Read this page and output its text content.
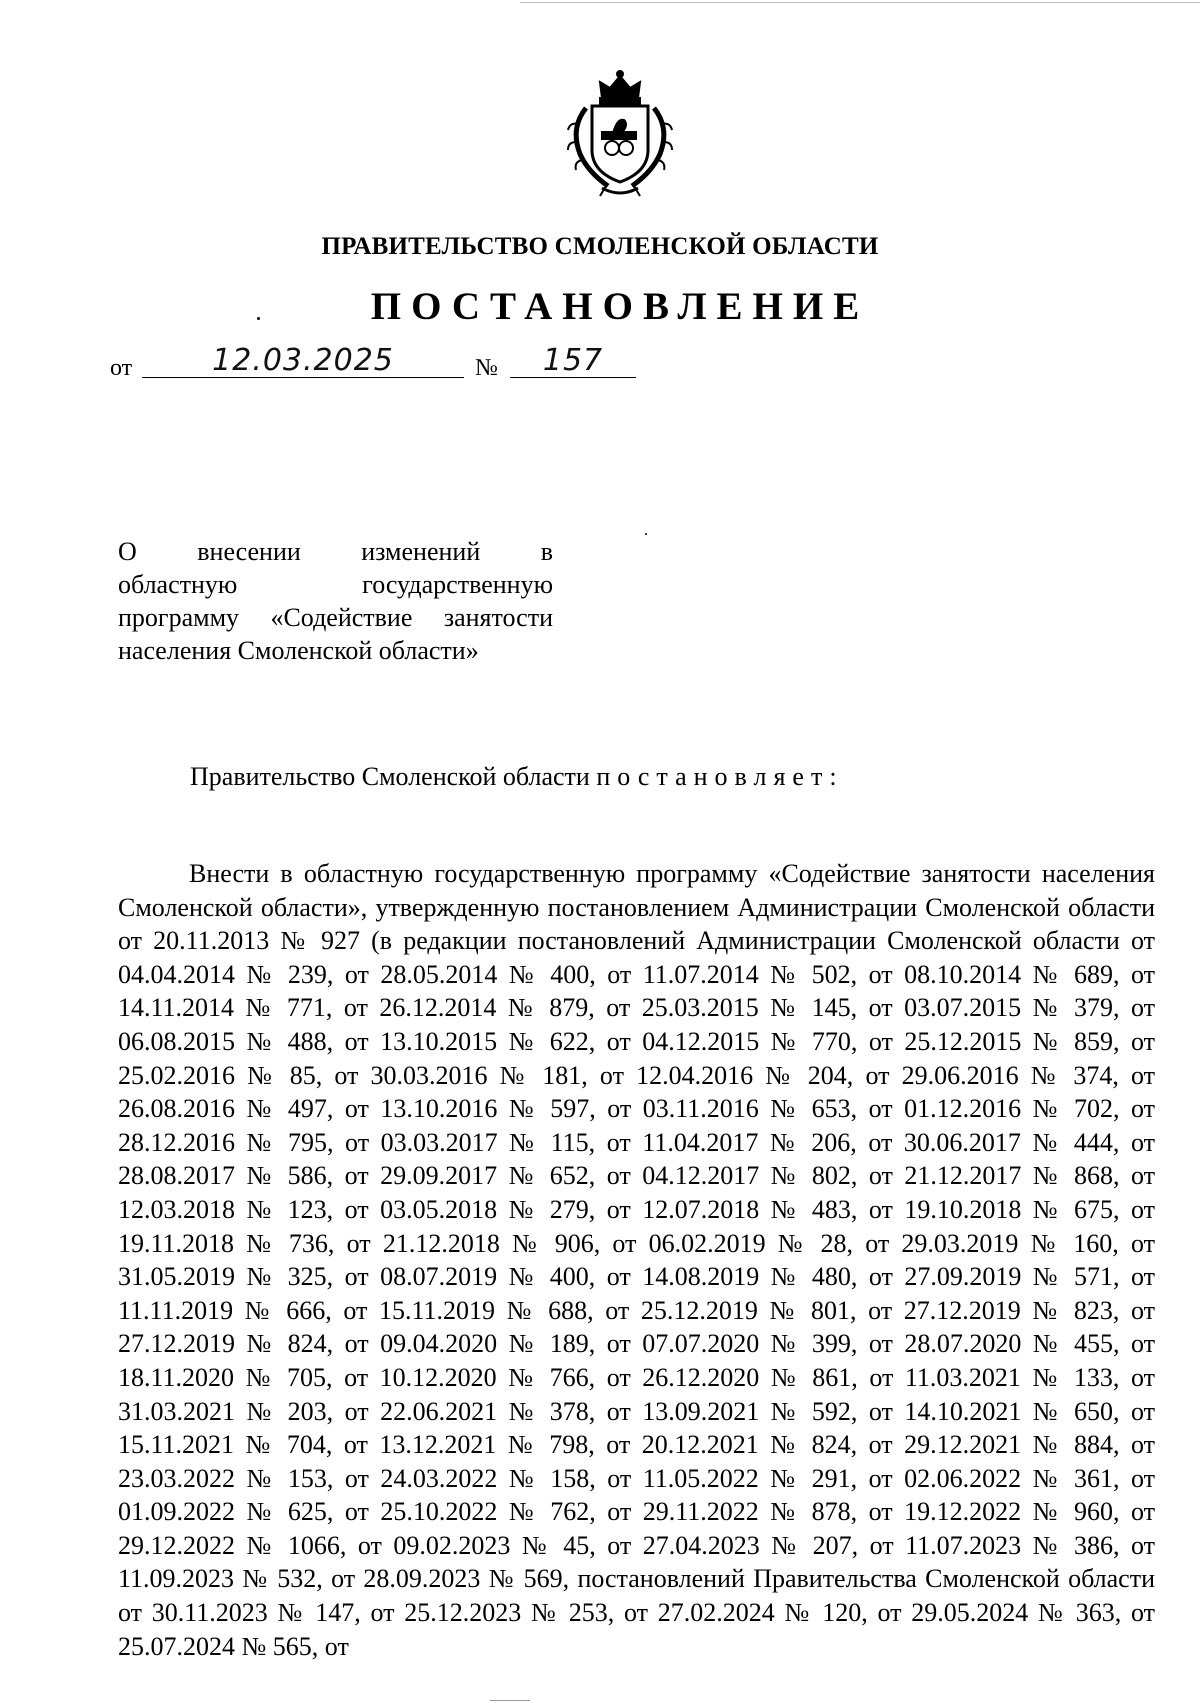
ПРАВИТЕЛЬСТВО СМОЛЕНСКОЙ ОБЛАСТИ
ПОСТАНОВЛЕНИЕ
от	12.03.2025	№	157
О внесении изменений в
областную государственную программу «Содействие занятости населения Смоленской области»
Правительство Смоленской области постановляет:
Внести в областную государственную программу «Содействие занятости населения Смоленской области», утвержденную постановлением Администрации Смоленской области от 20.11.2013 № 927 (в редакции постановлений Администрации Смоленской области от 04.04.2014 № 239, от 28.05.2014 № 400, от 11.07.2014 № 502, от 08.10.2014 № 689, от 14.11.2014 № 771, от 26.12.2014 № 879, от 25.03.2015 № 145, от 03.07.2015 № 379, от 06.08.2015 № 488, от 13.10.2015 № 622, от 04.12.2015 № 770, от 25.12.2015 № 859, от 25.02.2016 № 85, от 30.03.2016 № 181, от 12.04.2016 № 204, от 29.06.2016 № 374, от 26.08.2016 № 497, от 13.10.2016 № 597, от 03.11.2016 № 653, от 01.12.2016 № 702, от 28.12.2016 № 795, от 03.03.2017 № 115, от 11.04.2017 № 206, от 30.06.2017 № 444, от 28.08.2017 № 586, от 29.09.2017 № 652, от 04.12.2017 № 802, от 21.12.2017 № 868, от 12.03.2018 № 123, от 03.05.2018 № 279, от 12.07.2018 № 483, от 19.10.2018 № 675, от 19.11.2018 № 736, от 21.12.2018 № 906, от 06.02.2019 № 28, от 29.03.2019 № 160, от 31.05.2019 № 325, от 08.07.2019 № 400, от 14.08.2019 № 480, от 27.09.2019 № 571, от 11.11.2019 № 666, от 15.11.2019 № 688, от 25.12.2019 № 801, от 27.12.2019 № 823, от 27.12.2019 № 824, от 09.04.2020 № 189, от 07.07.2020 № 399, от 28.07.2020 № 455, от 18.11.2020 № 705, от 10.12.2020 № 766, от 26.12.2020 № 861, от 11.03.2021 № 133, от 31.03.2021 № 203, от 22.06.2021 № 378, от 13.09.2021 № 592, от 14.10.2021 № 650, от 15.11.2021 № 704, от 13.12.2021 № 798, от 20.12.2021 № 824, от 29.12.2021 № 884, от 23.03.2022 № 153, от 24.03.2022 № 158, от 11.05.2022 № 291, от 02.06.2022 № 361, от 01.09.2022 № 625, от 25.10.2022 № 762, от 29.11.2022 № 878, от 19.12.2022 № 960, от 29.12.2022 № 1066, от 09.02.2023 № 45, от 27.04.2023 № 207, от 11.07.2023 № 386, от 11.09.2023 № 532, от 28.09.2023 № 569, постановлений Правительства Смоленской области от 30.11.2023 № 147, от 25.12.2023 № 253, от 27.02.2024 № 120, от 29.05.2024 № 363, от 25.07.2024 № 565, от
